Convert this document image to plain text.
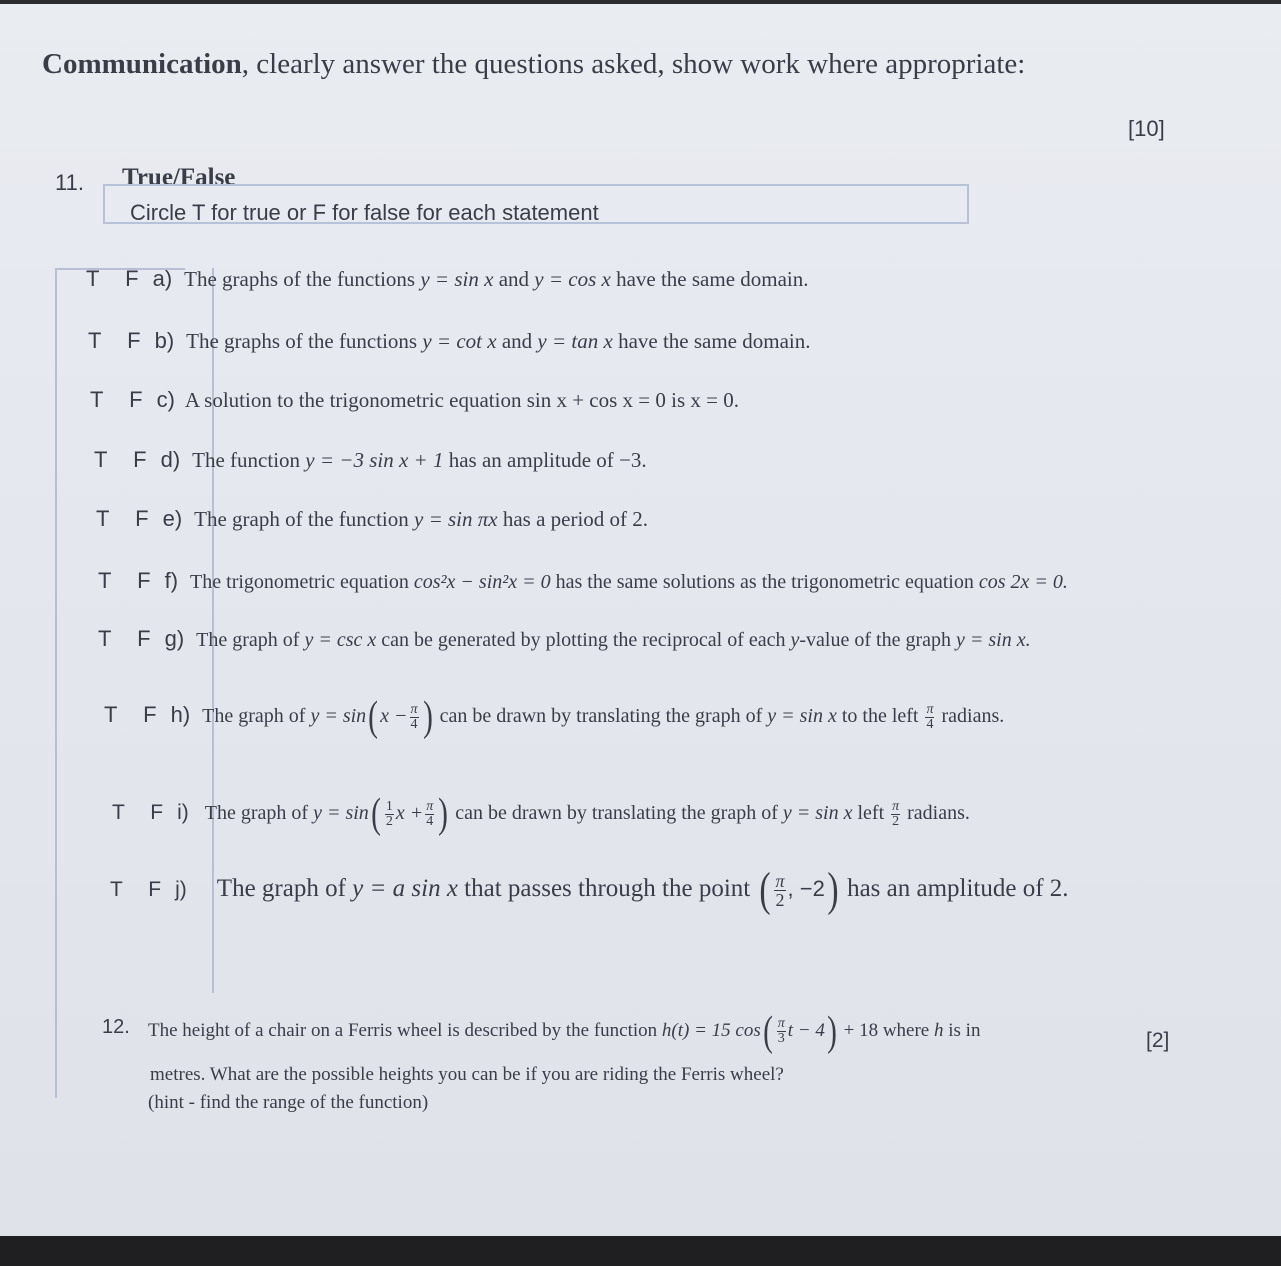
Communication, clearly answer the questions asked, show work where appropriate:
[10]
11. True/False
Circle T for true or F for false for each statement
T F a) The graphs of the functions y = sin x and y = cos x have the same domain.
T F b) The graphs of the functions y = cot x and y = tan x have the same domain.
T F c) A solution to the trigonometric equation sin x + cos x = 0 is x = 0.
T F d) The function y = −3 sin x + 1 has an amplitude of −3.
T F e) The graph of the function y = sin πx has a period of 2.
T F f) The trigonometric equation cos²x − sin²x = 0 has the same solutions as the trigonometric equation cos 2x = 0.
T F g) The graph of y = csc x can be generated by plotting the reciprocal of each y-value of the graph y = sin x.
T F h) The graph of y = sin( $x - \frac{\pi}{4}$ ) can be drawn by translating the graph of y = sin x to the left $\frac{\pi}{4}$ radians.
T F i) The graph of $y = \sin( \frac{1}{2}$ $x + \frac{\pi}{4}$ ) can be drawn by translating the graph of y = sin x left $\frac{\pi}{2}$ radians.
T F j) The graph of y = a sin x that passes through the point ( $\frac{\pi}{2}$ , −2) has an amplitude of 2.
12. The height of a chair on a Ferris wheel is described by the function h(t) = 15 $\cos( \frac{\pi}{3}$ t − 4) + 18 where h is in	[2]
metres. What are the possible heights you can be if you are riding the Ferris wheel?
(hint - find the range of the function)
